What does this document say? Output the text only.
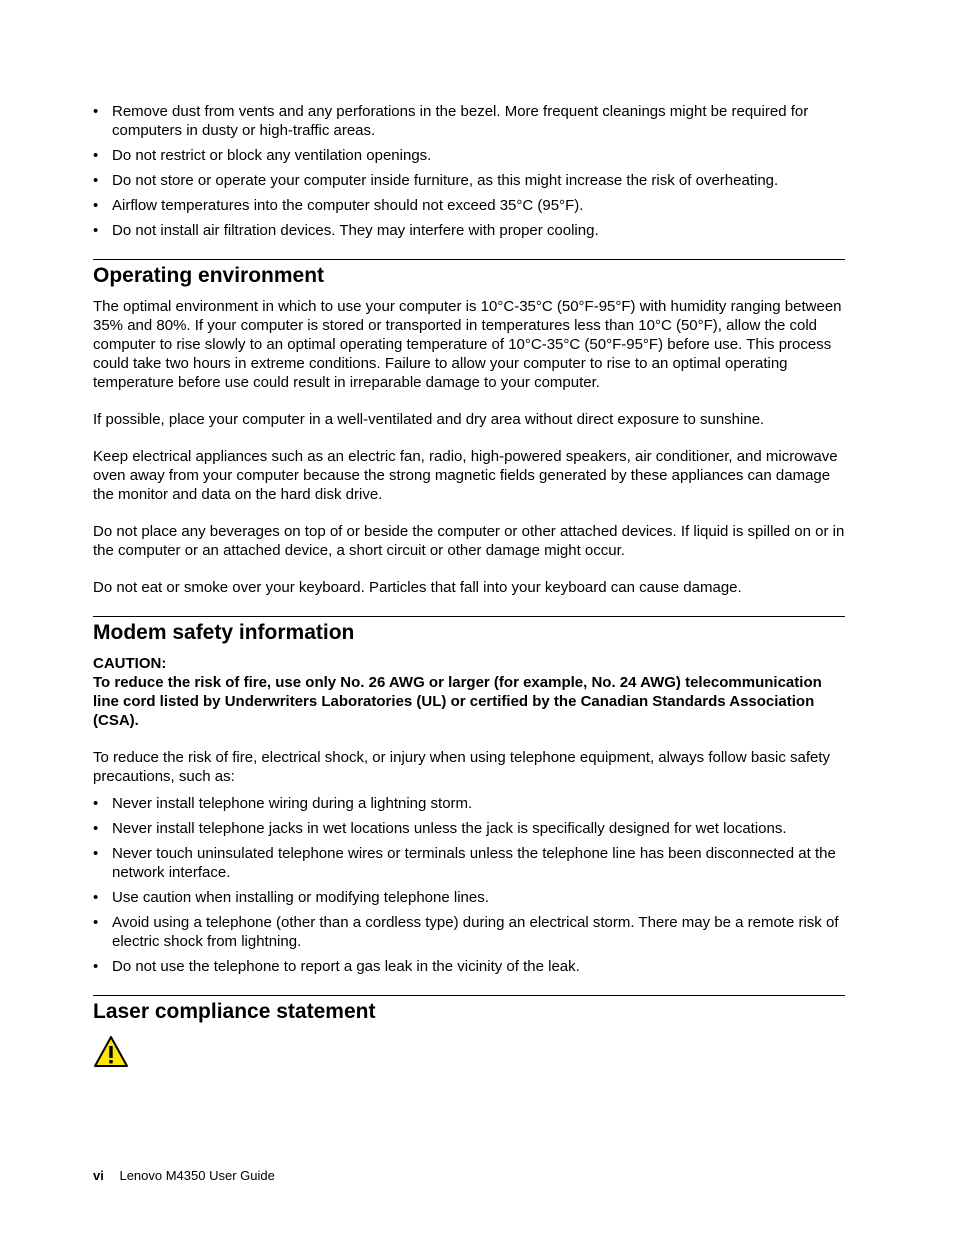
• Remove dust from vents and any perforations in the bezel. More frequent cleanings might be required for computers in dusty or high-traffic areas.
• Do not restrict or block any ventilation openings.
• Do not store or operate your computer inside furniture, as this might increase the risk of overheating.
• Airflow temperatures into the computer should not exceed 35°C (95°F).
• Do not install air filtration devices. They may interfere with proper cooling.
Operating environment

The optimal environment in which to use your computer is 10°C-35°C (50°F-95°F) with humidity ranging between 35% and 80%. If your computer is stored or transported in temperatures less than 10°C (50°F), allow the cold computer to rise slowly to an optimal operating temperature of 10°C-35°C (50°F-95°F) before use. This process could take two hours in extreme conditions. Failure to allow your computer to rise to an optimal operating temperature before use could result in irreparable damage to your computer.

If possible, place your computer in a well-ventilated and dry area without direct exposure to sunshine.

Keep electrical appliances such as an electric fan, radio, high-powered speakers, air conditioner, and microwave oven away from your computer because the strong magnetic fields generated by these appliances can damage the monitor and data on the hard disk drive.

Do not place any beverages on top of or beside the computer or other attached devices. If liquid is spilled on or in the computer or an attached device, a short circuit or other damage might occur.

Do not eat or smoke over your keyboard. Particles that fall into your keyboard can cause damage.

Modem safety information
CAUTION:
To reduce the risk of fire, use only No. 26 AWG or larger (for example, No. 24 AWG) telecommunication line cord listed by Underwriters Laboratories (UL) or certified by the Canadian Standards Association (CSA).

To reduce the risk of fire, electrical shock, or injury when using telephone equipment, always follow basic safety precautions, such as:

• Never install telephone wiring during a lightning storm.
• Never install telephone jacks in wet locations unless the jack is specifically designed for wet locations.
• Never touch uninsulated telephone wires or terminals unless the telephone line has been disconnected at the network interface.
• Use caution when installing or modifying telephone lines.
• Avoid using a telephone (other than a cordless type) during an electrical storm. There may be a remote risk of electric shock from lightning.
• Do not use the telephone to report a gas leak in the vicinity of the leak.
Laser compliance statement
vi Lenovo M4350 User Guide
